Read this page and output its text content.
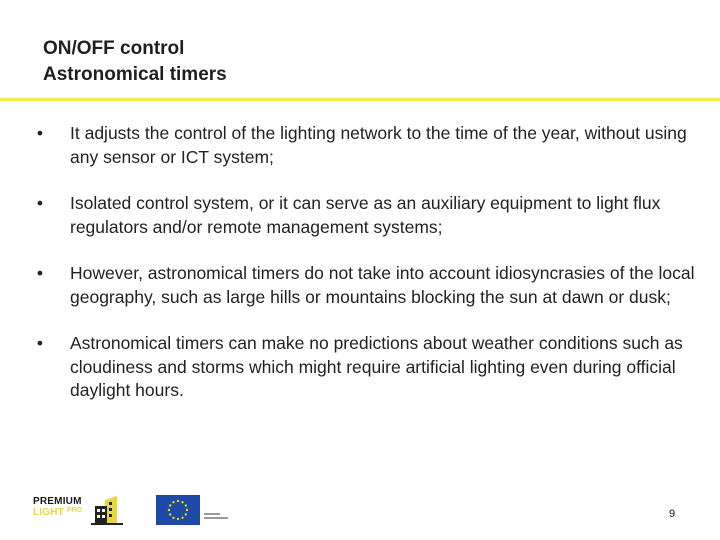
ON/OFF control
Astronomical timers
•	It adjusts the control of the lighting network to the time of the year, without using any sensor or ICT system;
•	Isolated control system, or it can serve as an auxiliary equipment to light flux regulators and/or remote management systems;
•	However, astronomical timers do not take into account idiosyncrasies of the local geography, such as large hills or mountains blocking the sun at dawn or dusk;
•	Astronomical timers can make no predictions about weather conditions such as cloudiness and storms which might require artificial lighting even during official daylight hours.
PREMIUM
LIGHT PRO	9
